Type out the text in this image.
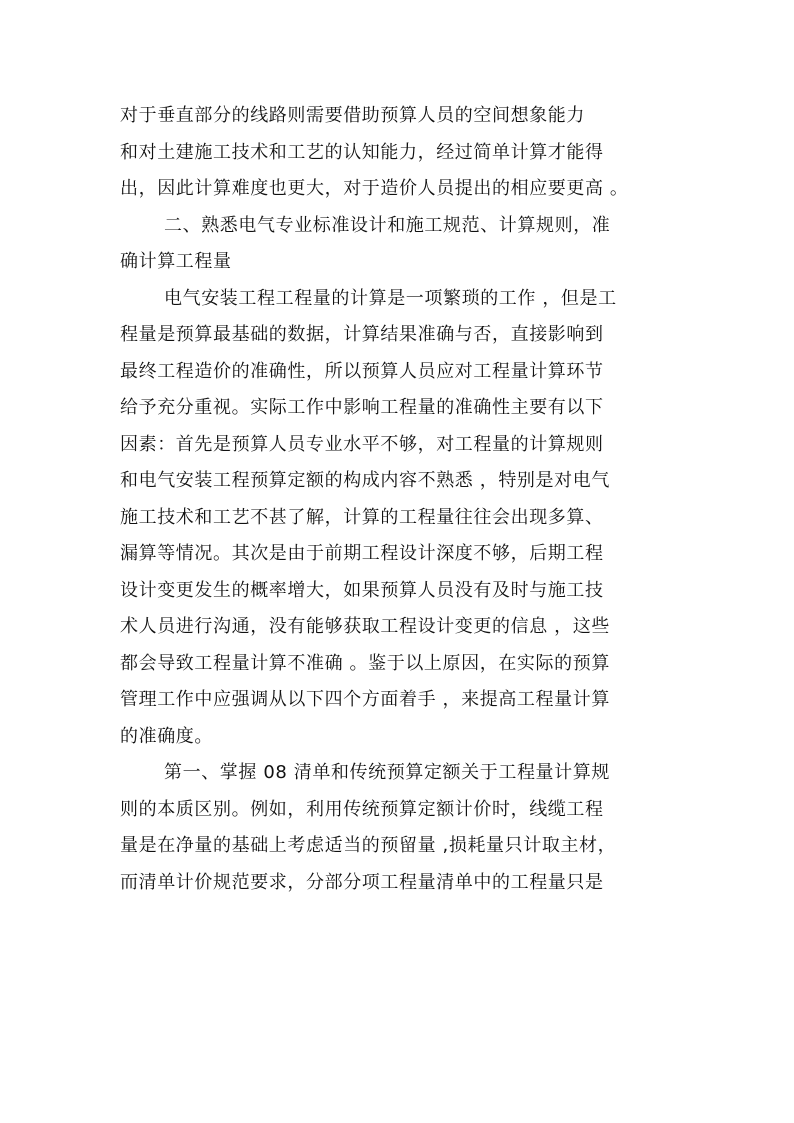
对于垂直部分的线路则需要借助预算人员的空间想象能力
和对土建施工技术和工艺的认知能力，经过简单计算才能得
出，因此计算难度也更大，对于造价人员提出的相应要更高 。
二、熟悉电气专业标准设计和施工规范、计算规则，准
确计算工程量
电气安装工程工程量的计算是一项繁琐的工作 ，但是工
程量是预算最基础的数据，计算结果准确与否，直接影响到
最终工程造价的准确性，所以预算人员应对工程量计算环节
给予充分重视。实际工作中影响工程量的准确性主要有以下
因素：首先是预算人员专业水平不够，对工程量的计算规则
和电气安装工程预算定额的构成内容不熟悉 ，特别是对电气
施工技术和工艺不甚了解，计算的工程量往往会出现多算、
漏算等情况。其次是由于前期工程设计深度不够，后期工程
设计变更发生的概率增大，如果预算人员没有及时与施工技
术人员进行沟通，没有能够获取工程设计变更的信息 ，这些
都会导致工程量计算不准确 。鉴于以上原因，在实际的预算
管理工作中应强调从以下四个方面着手 ，来提高工程量计算
的准确度。
第一、掌握 08 清单和传统预算定额关于工程量计算规
则的本质区别。例如，利用传统预算定额计价时，线缆工程
量是在净量的基础上考虑适当的预留量 ,损耗量只计取主材，
而清单计价规范要求，分部分项工程量清单中的工程量只是
